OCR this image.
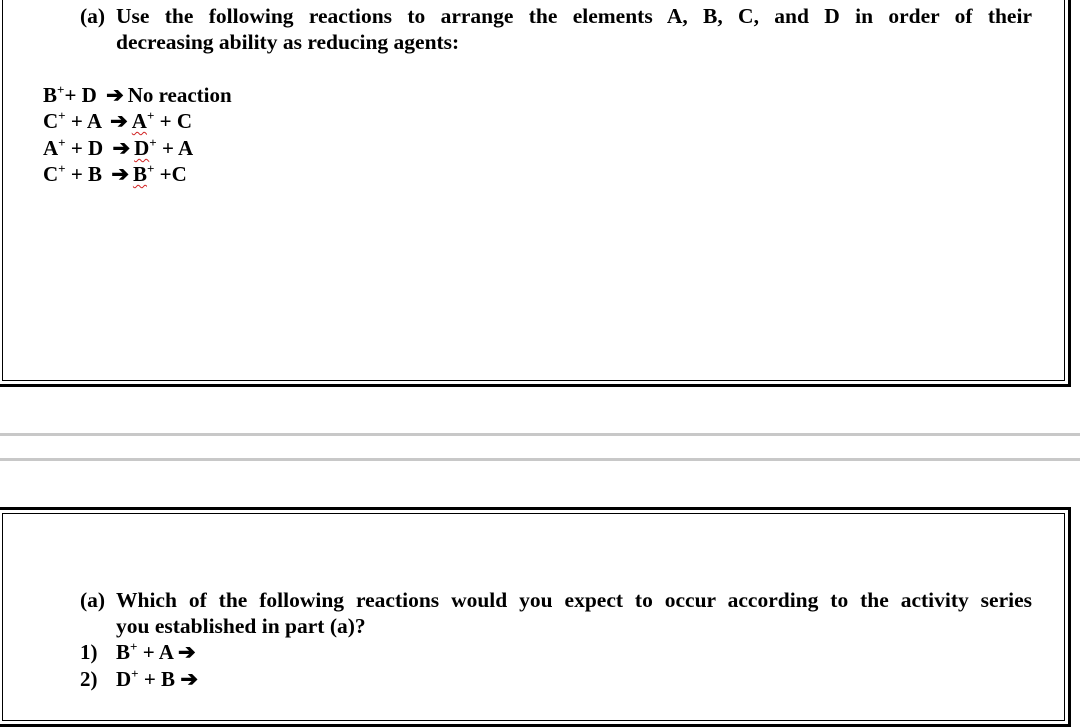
(a) Use the following reactions to arrange the elements A, B, C, and D in order of their
decreasing ability as reducing agents:
B++ D ➔ No reaction
C+ + A ➔ A+ + C
A+ + D ➔ D+ + A
C+ + B ➔ B+ +C
(a) Which of the following reactions would you expect to occur according to the activity series
you established in part (a)?
1) B+ + A ➔
2) D+ + B ➔
